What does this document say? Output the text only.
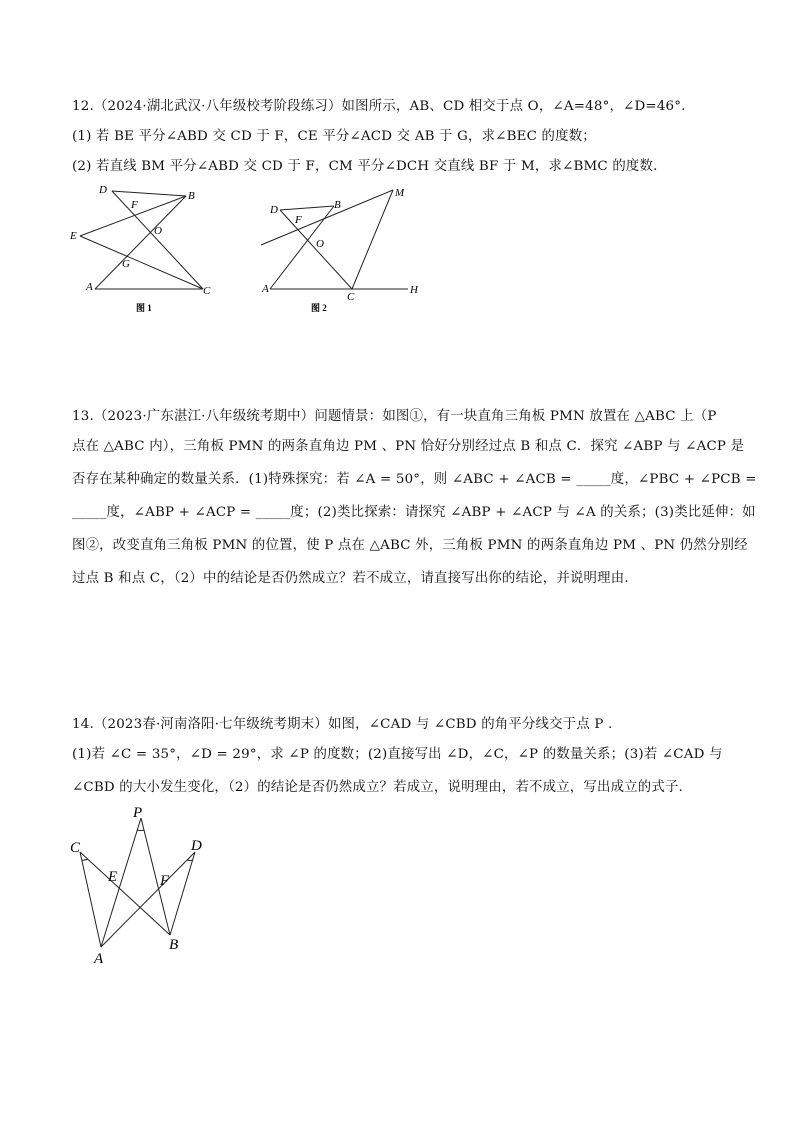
12.（2024·湖北武汉·八年级校考阶段练习）如图所示，AB、CD 相交于点 O，∠A=48°，∠D=46°.
(1) 若 BE 平分∠ABD 交 CD 于 F，CE 平分∠ACD 交 AB 于 G，求∠BEC 的度数；
(2) 若直线 BM 平分∠ABD 交 CD 于 F，CM 平分∠DCH 交直线 BF 于 M，求∠BMC 的度数.
D	B
F
O
E
G
A	C
图 1
D	B
F
O
M
A
C
H
图 2
13.（2023·广东湛江·八年级统考期中）问题情景：如图①，有一块直角三角板 PMN 放置在 △ABC 上（P
点在 △ABC 内），三角板 PMN 的两条直角边 PM 、PN 恰好分别经过点 B 和点 C．探究 ∠ABP 与 ∠ACP 是
否存在某种确定的数量关系．(1)特殊探究：若 ∠A = 50°，则 ∠ABC + ∠ACB = _____度，∠PBC + ∠PCB =
_____度，∠ABP + ∠ACP = _____度；(2)类比探索：请探究 ∠ABP + ∠ACP 与 ∠A 的关系；(3)类比延伸：如
图②，改变直角三角板 PMN 的位置，使 P 点在 △ABC 外，三角板 PMN 的两条直角边 PM 、PN 仍然分别经
过点 B 和点 C，（2）中的结论是否仍然成立？若不成立，请直接写出你的结论，并说明理由.
14.（2023春·河南洛阳·七年级统考期末）如图，∠CAD 与 ∠CBD 的角平分线交于点 P .
(1)若 ∠C = 35°，∠D = 29°，求 ∠P 的度数；(2)直接写出 ∠D，∠C，∠P 的数量关系；(3)若 ∠CAD 与
∠CBD 的大小发生变化，（2）的结论是否仍然成立？若成立，说明理由，若不成立，写出成立的式子.
P
C	D
E	F
A
B
